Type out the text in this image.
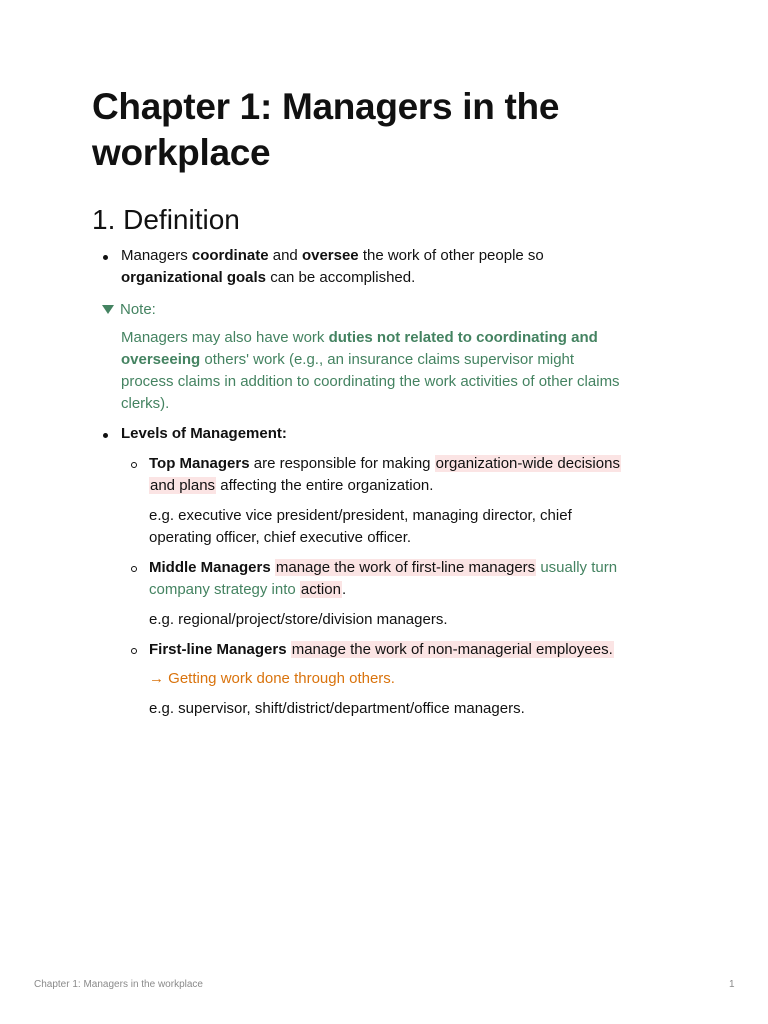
Chapter 1: Managers in the workplace
1. Definition
Managers coordinate and oversee the work of other people so
organizational goals can be accomplished.
Note:
Managers may also have work duties not related to coordinating and
overseeing others' work (e.g., an insurance claims supervisor might
process claims in addition to coordinating the work activities of other claims
clerks).
Levels of Management:
Top Managers are responsible for making organization-wide decisions
and plans affecting the entire organization.
e.g. executive vice president/president, managing director, chief
operating officer, chief executive officer.
Middle Managers manage the work of first-line managers usually turn
company strategy into action.
e.g. regional/project/store/division managers.
First-line Managers manage the work of non-managerial employees.
→ Getting work done through others.
e.g. supervisor, shift/district/department/office managers.
Chapter 1: Managers in the workplace	1
